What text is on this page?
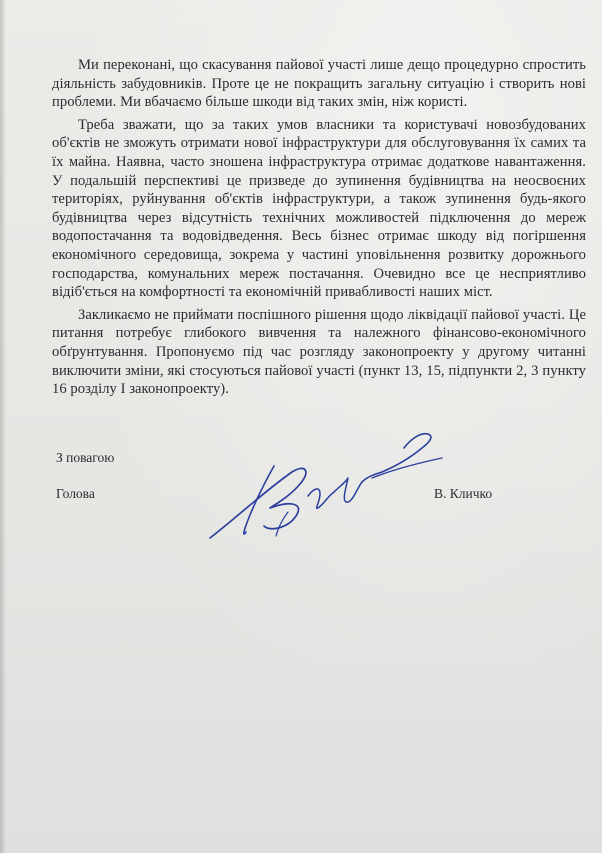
Ми переконані, що скасування пайової участі лише дещо процедурно спростить діяльність забудовників. Проте це не покращить загальну ситуацію і створить нові проблеми. Ми вбачаємо більше шкоди від таких змін, ніж користі.

Треба зважати, що за таких умов власники та користувачі новозбудованих об'єктів не зможуть отримати нової інфраструктури для обслуговування їх самих та їх майна. Наявна, часто зношена інфраструктура отримає додаткове навантаження. У подальшій перспективі це призведе до зупинення будівництва на неосвоєних територіях, руйнування об'єктів інфраструктури, а також зупинення будь-якого будівництва через відсутність технічних можливостей підключення до мереж водопостачання та водовідведення. Весь бізнес отримає шкоду від погіршення економічного середовища, зокрема у частині уповільнення розвитку дорожнього господарства, комунальних мереж постачання. Очевидно все це несприятливо відіб'ється на комфортності та економічній привабливості наших міст.

Закликаємо не приймати поспішного рішення щодо ліквідації пайової участі. Це питання потребує глибокого вивчення та належного фінансово-економічного обґрунтування. Пропонуємо під час розгляду законопроекту у другому читанні виключити зміни, які стосуються пайової участі (пункт 13, 15, підпункти 2, 3 пункту 16 розділу І законопроекту).

З повагою
Голова	В. Кличко
